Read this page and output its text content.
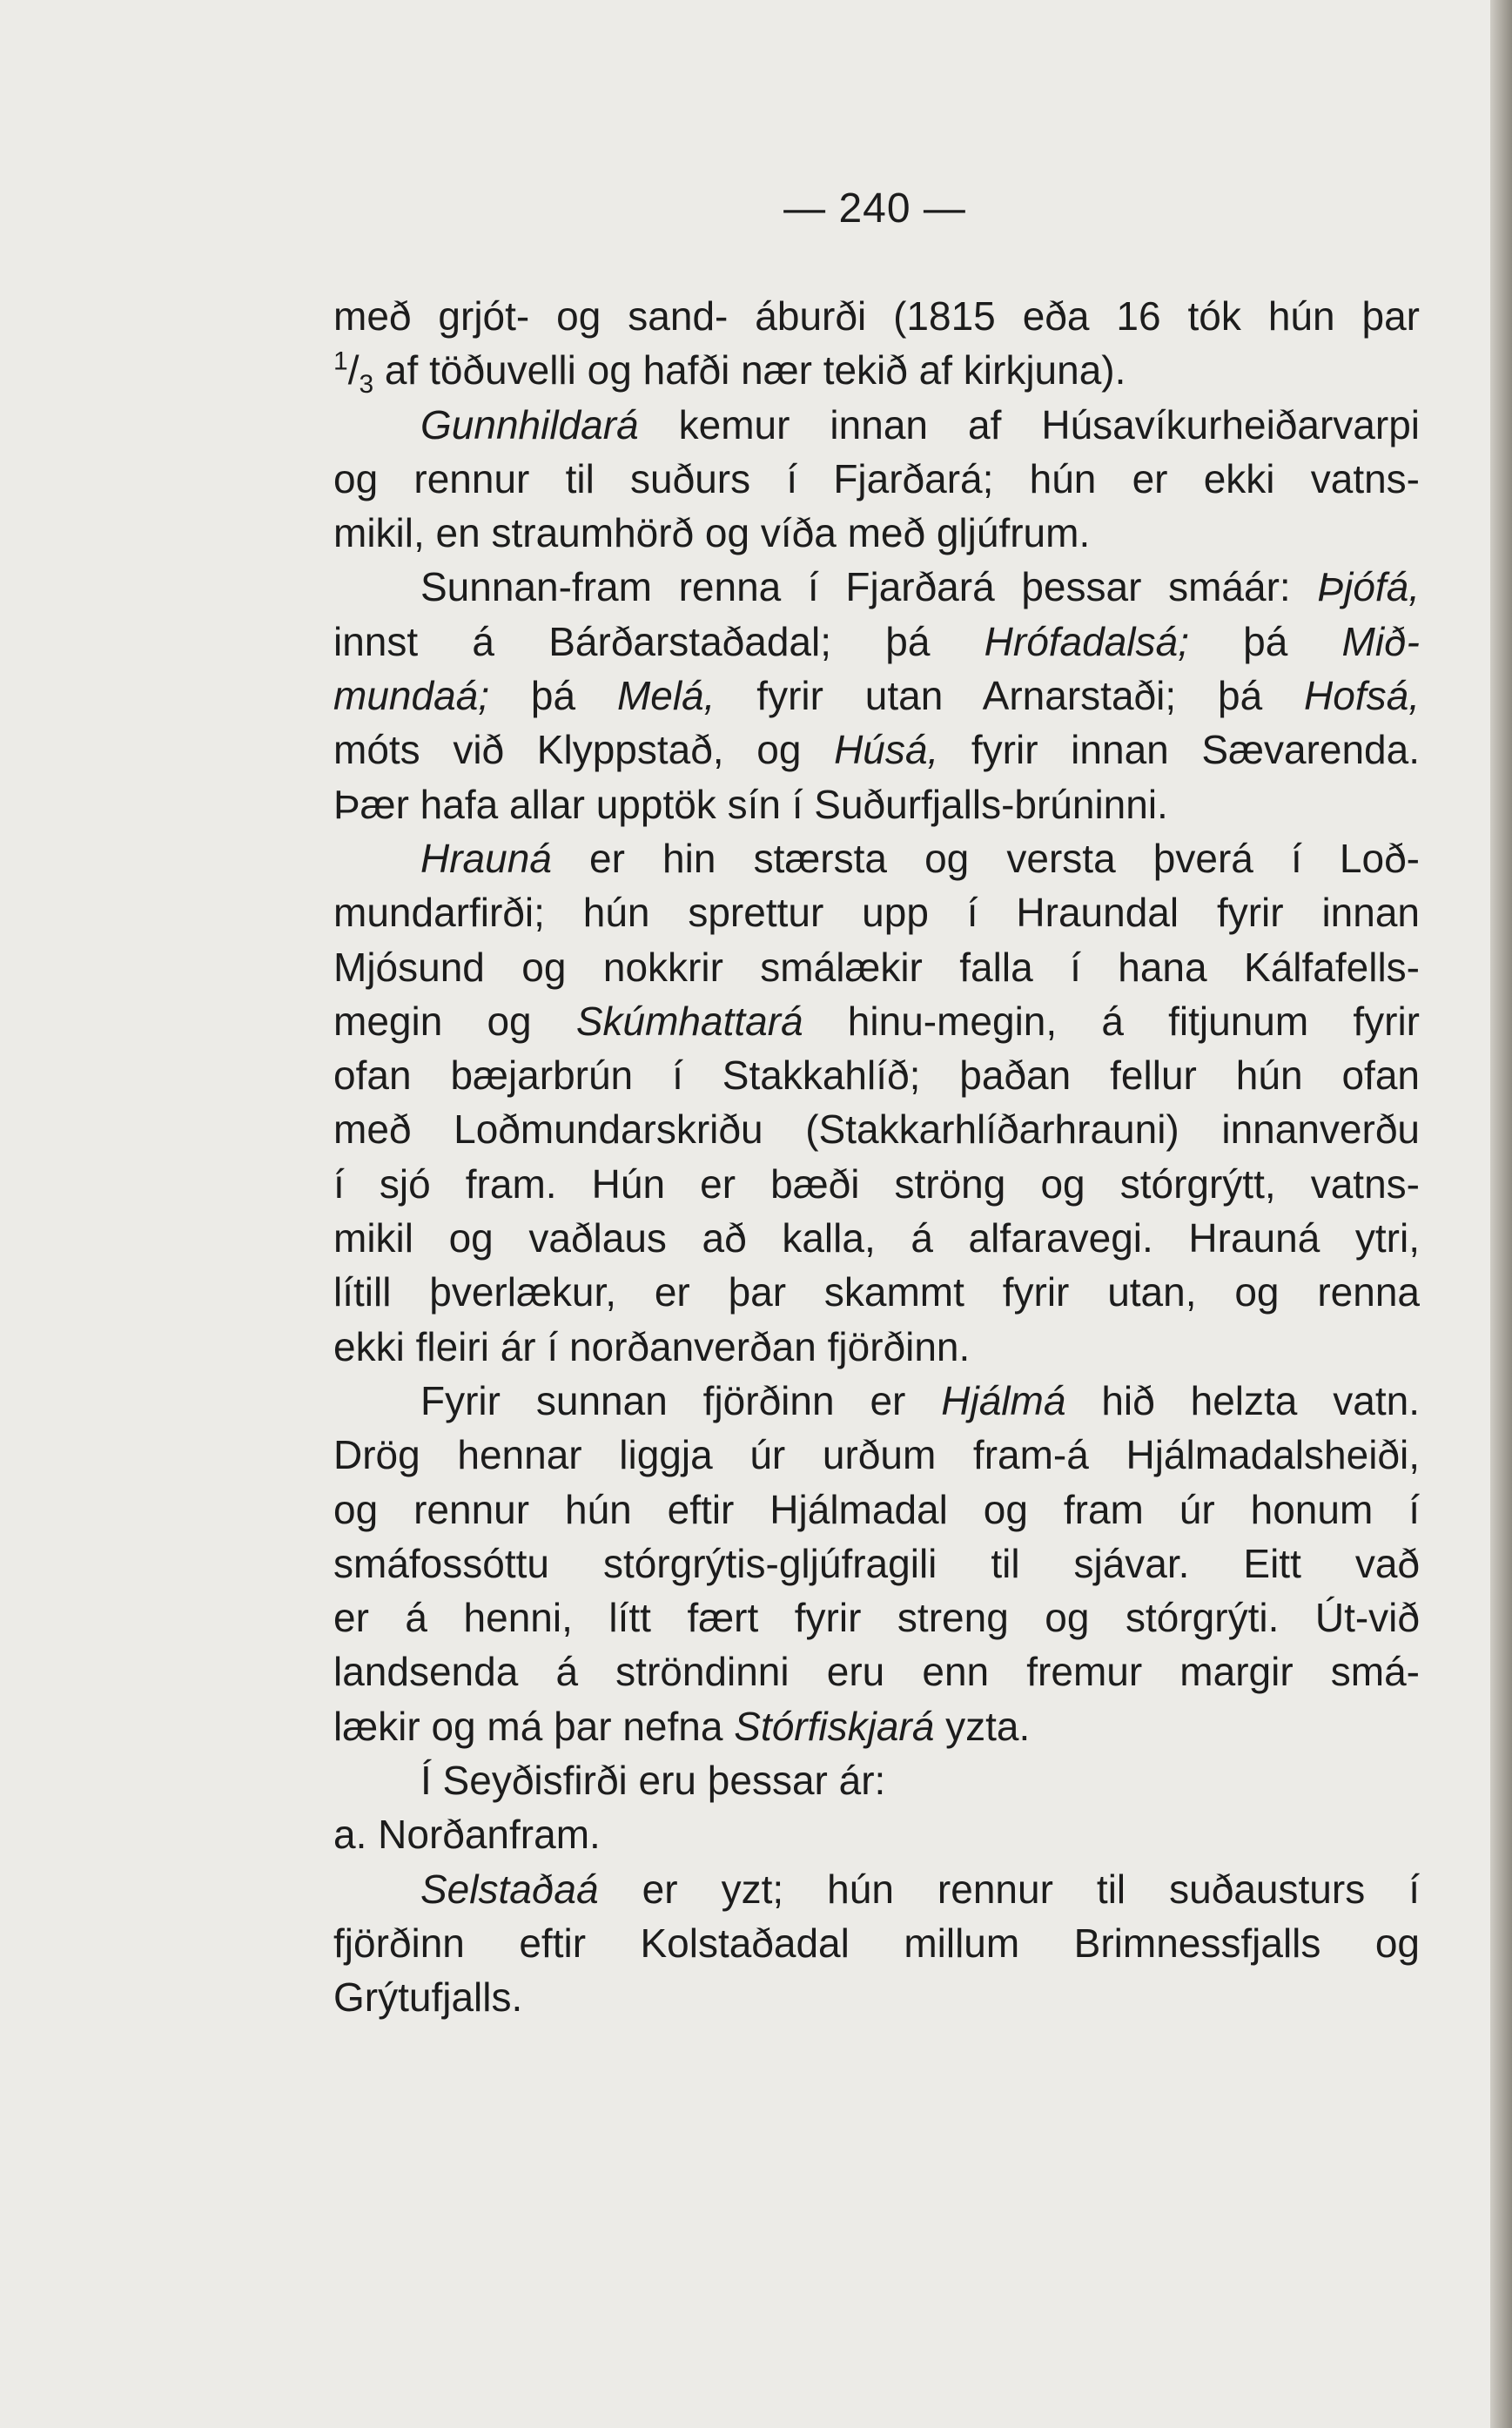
— 240 —
með grjót- og sand- áburði (1815 eða 16 tók hún þar
$^1/_3$ af töðuvelli og hafði nær tekið af kirkjuna).
Gunnhildará kemur innan af Húsavíkurheiðarvarpi
og rennur til suðurs í Fjarðará; hún er ekki vatns-
mikil, en straumhörð og víða með gljúfrum.
Sunnan-fram renna í Fjarðará þessar smáár: Þjófá,
innst á Bárðarstaðadal; þá Hrófadalsá; þá Mið-
mundaá; þá Melá, fyrir utan Arnarstaði; þá Hofsá,
móts við Klyppstað, og Húsá, fyrir innan Sævarenda.
Þær hafa allar upptök sín í Suðurfjalls-brúninni.
Hrauná er hin stærsta og versta þverá í Loð-
mundarfirði; hún sprettur upp í Hraundal fyrir innan
Mjósund og nokkrir smálækir falla í hana Kálfafells-
megin og Skúmhattará hinu-megin, á fitjunum fyrir
ofan bæjarbrún í Stakkahlíð; þaðan fellur hún ofan
með Loðmundarskriðu (Stakkarhlíðarhrauni) innanverðu
í sjó fram. Hún er bæði ströng og stórgrýtt, vatns-
mikil og vaðlaus að kalla, á alfaravegi. Hrauná ytri,
lítill þverlækur, er þar skammt fyrir utan, og renna
ekki fleiri ár í norðanverðan fjörðinn.
Fyrir sunnan fjörðinn er Hjálmá hið helzta vatn.
Drög hennar liggja úr urðum fram-á Hjálmadalsheiði,
og rennur hún eftir Hjálmadal og fram úr honum í
smáfossóttu stórgrýtis-gljúfragili til sjávar. Eitt vað
er á henni, lítt fært fyrir streng og stórgrýti. Út-við
landsenda á ströndinni eru enn fremur margir smá-
lækir og má þar nefna Stórfiskjará yzta.
Í Seyðisfirði eru þessar ár:
a. Norðanfram.
Selstaðaá er yzt; hún rennur til suðausturs í
fjörðinn eftir Kolstaðadal millum Brimnessfjalls og
Grýtufjalls.
